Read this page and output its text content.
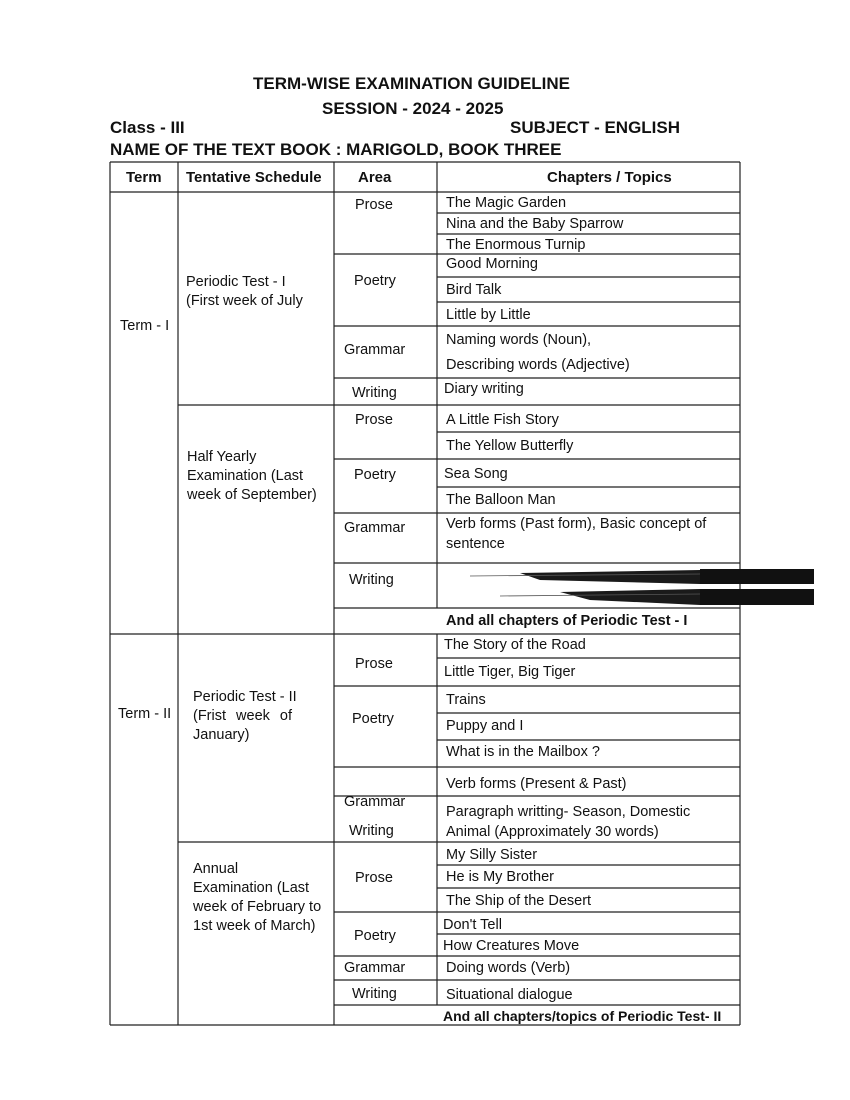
TERM-WISE EXAMINATION GUIDELINE
SESSION - 2024 - 2025
Class - III	SUBJECT - ENGLISH
NAME OF THE TEXT BOOK : MARIGOLD, BOOK THREE
Term Tentative Schedule Area	Chapters / Topics
Term - I
Term - II
Periodic Test - I
(First week of July
Half Yearly
Examination (Last
week of September)
Periodic Test - II
(Frist week of
January)
Annual
Examination (Last
week of February to
1st week of March)
Prose
Poetry
Grammar
Writing
Prose
Poetry
Grammar
Writing
Prose
Poetry
Grammar
Writing
Prose
Poetry
Grammar
Writing
The Magic Garden
Nina and the Baby Sparrow
The Enormous Turnip
Good Morning
Bird Talk
Little by Little
Naming words (Noun),
Describing words (Adjective)
Diary writing
A Little Fish Story
The Yellow Butterfly
Sea Song
The Balloon Man
Verb forms (Past form), Basic concept of
sentence
And all chapters of Periodic Test - I
The Story of the Road
Little Tiger, Big Tiger
Trains
Puppy and I
What is in the Mailbox ?
Verb forms (Present & Past)
Paragraph writting- Season, Domestic
Animal (Approximately 30 words)
My Silly Sister
He is My Brother
The Ship of the Desert
Don't Tell
How Creatures Move
Doing words (Verb)
Situational dialogue
And all chapters/topics of Periodic Test- II
